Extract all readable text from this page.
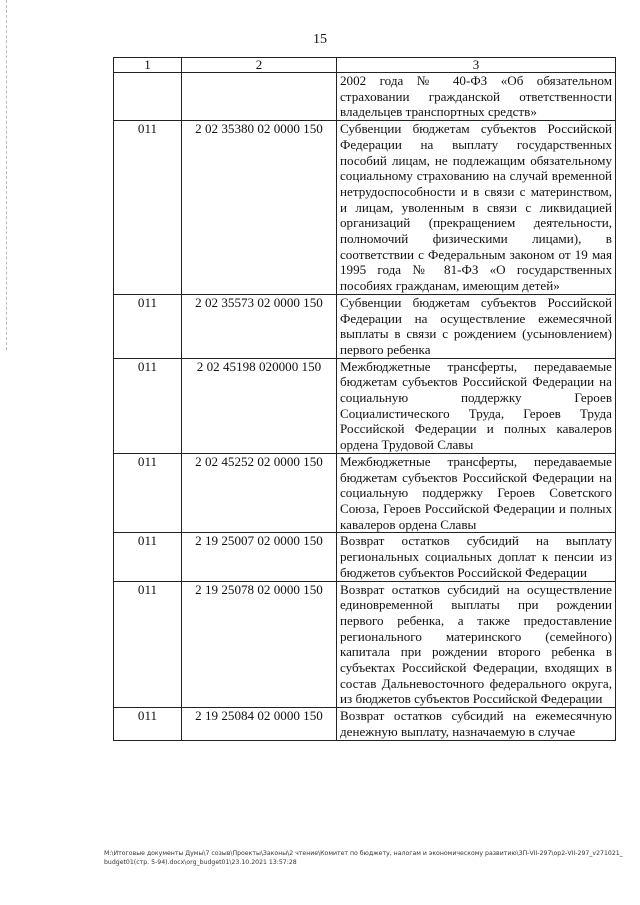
15
1	2	3
		2002 года № 40-ФЗ «Об обязательном страховании гражданской ответственности владельцев транспортных средств»
011	2 02 35380 02 0000 150	Субвенции бюджетам субъектов Российской Федерации на выплату государственных пособий лицам, не подлежащим обязательному социальному страхованию на случай временной нетрудоспособности и в связи с материнством, и лицам, уволенным в связи с ликвидацией организаций (прекращением деятельности, полномочий физическими лицами), в соответствии с Федеральным законом от 19 мая 1995 года № 81-ФЗ «О государственных пособиях гражданам, имеющим детей»
011	2 02 35573 02 0000 150	Субвенции бюджетам субъектов Российской Федерации на осуществление ежемесячной выплаты в связи с рождением (усыновлением) первого ребенка
011	2 02 45198 020000 150	Межбюджетные трансферты, передаваемые бюджетам субъектов Российской Федерации на социальную поддержку Героев Социалистического Труда, Героев Труда Российской Федерации и полных кавалеров ордена Трудовой Славы
011	2 02 45252 02 0000 150	Межбюджетные трансферты, передаваемые бюджетам субъектов Российской Федерации на социальную поддержку Героев Советского Союза, Героев Российской Федерации и полных кавалеров ордена Славы
011	2 19 25007 02 0000 150	Возврат остатков субсидий на выплату региональных социальных доплат к пенсии из бюджетов субъектов Российской Федерации
011	2 19 25078 02 0000 150	Возврат остатков субсидий на осуществление единовременной выплаты при рождении первого ребенка, а также предоставление регионального материнского (семейного) капитала при рождении второго ребенка в субъектах Российской Федерации, входящих в состав Дальневосточного федерального округа, из бюджетов субъектов Российской Федерации
011	2 19 25084 02 0000 150	Возврат остатков субсидий на ежемесячную денежную выплату, назначаемую в случае
M:\Итоговые документы Думы\7 созыв\Проекты\Законы\2 чтение\Комитет по бюджету, налогам и экономическому развитию\ЗП-VII-297\ор2-VII-297_v271021_budget01(стр. 5-94).docx\org_budget01\23.10.2021 13:57:28
